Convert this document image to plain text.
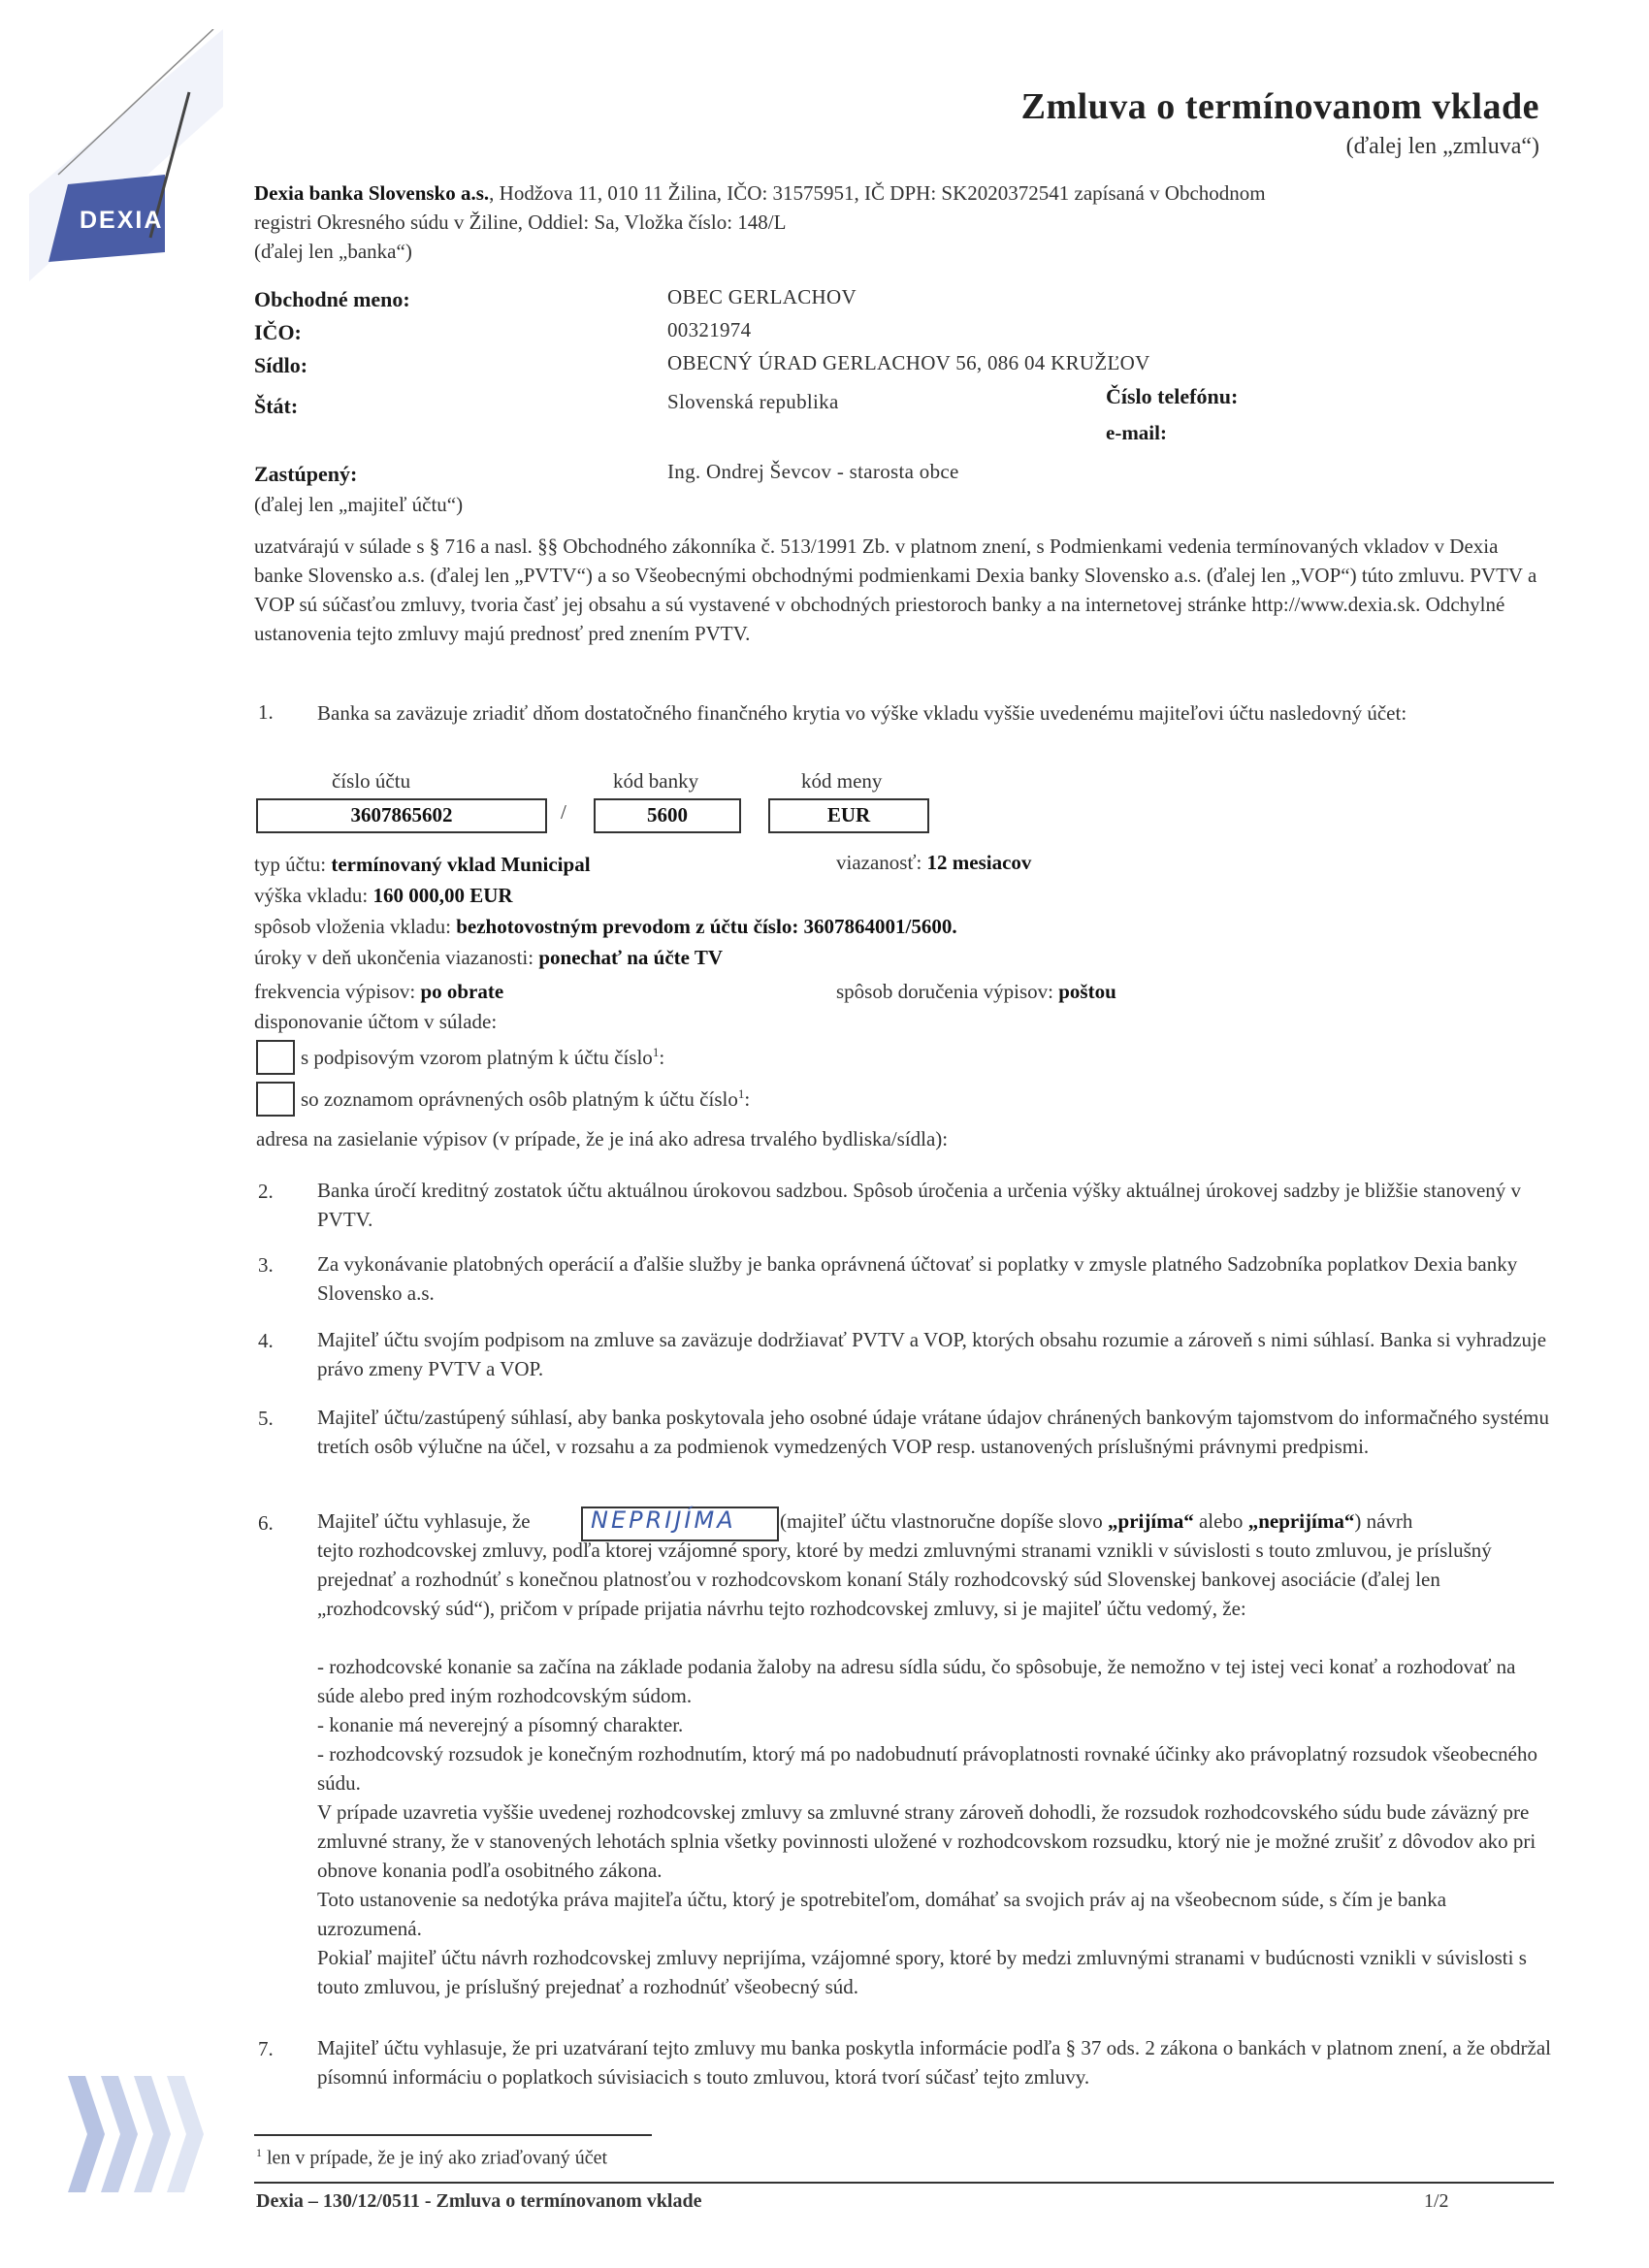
DEXIA
Zmluva o termínovanom vklade
(ďalej len „zmluva“)
Dexia banka Slovensko a.s., Hodžova 11, 010 11 Žilina, IČO: 31575951, IČ DPH: SK2020372541 zapísaná v Obchodnom
registri Okresného súdu v Žiline, Oddiel: Sa, Vložka číslo: 148/L
(ďalej len „banka“)
Obchodné meno:	OBEC GERLACHOV
IČO:	00321974
Sídlo:	OBECNÝ ÚRAD GERLACHOV 56, 086 04 KRUŽĽOV
Štát:	Slovenská republika	Číslo telefónu:
e-mail:
Zastúpený:	Ing. Ondrej Ševcov - starosta obce
(ďalej len „majiteľ účtu“)
uzatvárajú v súlade s § 716 a nasl. §§ Obchodného zákonníka č. 513/1991 Zb. v platnom znení, s Podmienkami vedenia termínovaných vkladov v Dexia banke Slovensko a.s. (ďalej len „PVTV“) a so Všeobecnými obchodnými podmienkami Dexia banky Slovensko a.s. (ďalej len „VOP“) túto zmluvu. PVTV a VOP sú súčasťou zmluvy, tvoria časť jej obsahu a sú vystavené v obchodných priestoroch banky a na internetovej stránke http://www.dexia.sk. Odchylné ustanovenia tejto zmluvy majú prednosť pred znením PVTV.
1. Banka sa zaväzuje zriadiť dňom dostatočného finančného krytia vo výške vkladu vyššie uvedenému majiteľovi účtu nasledovný účet:
číslo účtu	kód banky	kód meny
3607865602	/	5600	EUR
typ účtu: termínovaný vklad Municipal	viazanosť: 12 mesiacov
výška vkladu: 160 000,00 EUR
spôsob vloženia vkladu: bezhotovostným prevodom z účtu číslo: 3607864001/5600.
úroky v deň ukončenia viazanosti: ponechať na účte TV
frekvencia výpisov: po obrate	spôsob doručenia výpisov: poštou
disponovanie účtom v súlade:
s podpisovým vzorom platným k účtu číslo$^1$:
so zoznamom oprávnených osôb platným k účtu číslo$^1$:
adresa na zasielanie výpisov (v prípade, že je iná ako adresa trvalého bydliska/sídla):
2. Banka úročí kreditný zostatok účtu aktuálnou úrokovou sadzbou. Spôsob úročenia a určenia výšky aktuálnej úrokovej sadzby je bližšie stanovený v PVTV.
3. Za vykonávanie platobných operácií a ďalšie služby je banka oprávnená účtovať si poplatky v zmysle platného Sadzobníka poplatkov Dexia banky Slovensko a.s.
4. Majiteľ účtu svojím podpisom na zmluve sa zaväzuje dodržiavať PVTV a VOP, ktorých obsahu rozumie a zároveň s nimi súhlasí. Banka si vyhradzuje právo zmeny PVTV a VOP.
5. Majiteľ účtu/zastúpený súhlasí, aby banka poskytovala jeho osobné údaje vrátane údajov chránených bankovým tajomstvom do informačného systému tretích osôb výlučne na účel, v rozsahu a za podmienok vymedzených VOP resp. ustanovených príslušnými právnymi predpismi.
6. Majiteľ účtu vyhlasuje, že	NEPRIJÍMA (majiteľ účtu vlastnoručne dopíše slovo „prijíma“ alebo „neprijíma“) návrh
tejto rozhodcovskej zmluvy, podľa ktorej vzájomné spory, ktoré by medzi zmluvnými stranami vznikli v súvislosti s touto zmluvou, je príslušný prejednať a rozhodnúť s konečnou platnosťou v rozhodcovskom konaní Stály rozhodcovský súd Slovenskej bankovej asociácie (ďalej len „rozhodcovský súd“), pričom v prípade prijatia návrhu tejto rozhodcovskej zmluvy, si je majiteľ účtu vedomý, že:
- rozhodcovské konanie sa začína na základe podania žaloby na adresu sídla súdu, čo spôsobuje, že nemožno v tej istej veci konať a rozhodovať na súde alebo pred iným rozhodcovským súdom.
- konanie má neverejný a písomný charakter.
- rozhodcovský rozsudok je konečným rozhodnutím, ktorý má po nadobudnutí právoplatnosti rovnaké účinky ako právoplatný rozsudok všeobecného súdu.
V prípade uzavretia vyššie uvedenej rozhodcovskej zmluvy sa zmluvné strany zároveň dohodli, že rozsudok rozhodcovského súdu bude záväzný pre zmluvné strany, že v stanovených lehotách splnia všetky povinnosti uložené v rozhodcovskom rozsudku, ktorý nie je možné zrušiť z dôvodov ako pri obnove konania podľa osobitného zákona.
Toto ustanovenie sa nedotýka práva majiteľa účtu, ktorý je spotrebiteľom, domáhať sa svojich práv aj na všeobecnom súde, s čím je banka uzrozumená.
Pokiaľ majiteľ účtu návrh rozhodcovskej zmluvy neprijíma, vzájomné spory, ktoré by medzi zmluvnými stranami v budúcnosti vznikli v súvislosti s touto zmluvou, je príslušný prejednať a rozhodnúť všeobecný súd.
7. Majiteľ účtu vyhlasuje, že pri uzatváraní tejto zmluvy mu banka poskytla informácie podľa § 37 ods. 2 zákona o bankách v platnom znení, a že obdržal písomnú informáciu o poplatkoch súvisiacich s touto zmluvou, ktorá tvorí súčasť tejto zmluvy.
$^1$ len v prípade, že je iný ako zriaďovaný účet
Dexia – 130/12/0511 - Zmluva o termínovanom vklade	1/2
